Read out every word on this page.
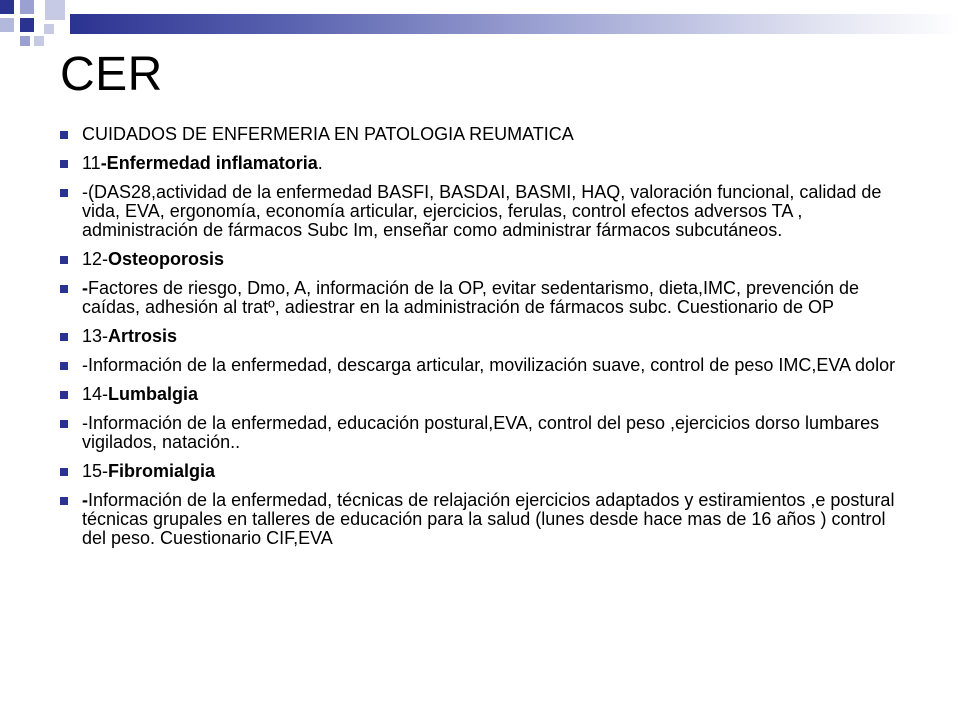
CER
CUIDADOS DE ENFERMERIA EN PATOLOGIA REUMATICA
11-Enfermedad inflamatoria.
-(DAS28,actividad de la enfermedad BASFI, BASDAI, BASMI, HAQ, valoración funcional, calidad de vida, EVA, ergonomía, economía articular, ejercicios, ferulas, control efectos adversos TA , administración de fármacos Subc Im, enseñar como administrar fármacos subcutáneos.
12-Osteoporosis
-Factores de riesgo, Dmo, A, información de la OP, evitar sedentarismo, dieta,IMC, prevención de caídas, adhesión al tratº, adiestrar en la administración de fármacos subc. Cuestionario de OP
13-Artrosis
-Información de la enfermedad, descarga articular, movilización suave, control de peso IMC,EVA dolor
14-Lumbalgia
-Información de la enfermedad, educación postural,EVA, control del peso ,ejercicios dorso lumbares vigilados, natación..
15-Fibromialgia
-Información de la enfermedad, técnicas de relajación ejercicios adaptados y estiramientos ,e postural técnicas grupales en talleres de educación para la salud (lunes desde hace mas de 16 años ) control del peso. Cuestionario CIF,EVA
